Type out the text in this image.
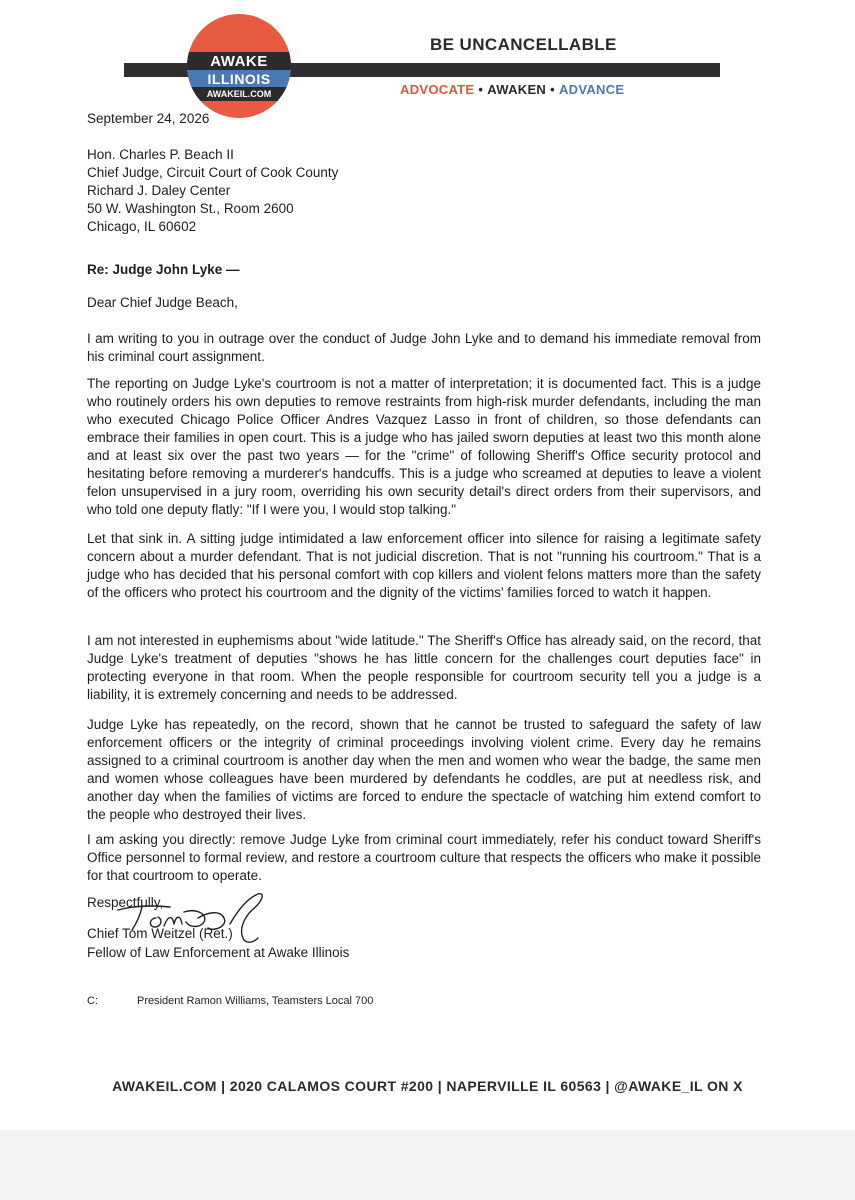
AWAKE
ILLINOIS
AWAKEIL.COM
BE UNCANCELLABLE
ADVOCATE • AWAKEN • ADVANCE
September 24, 2026
Hon. Charles P. Beach II
Chief Judge, Circuit Court of Cook County
Richard J. Daley Center
50 W. Washington St., Room 2600
Chicago, IL 60602
Re: Judge John Lyke —
Dear Chief Judge Beach,
I am writing to you in outrage over the conduct of Judge John Lyke and to demand his immediate removal from his criminal court assignment.
The reporting on Judge Lyke's courtroom is not a matter of interpretation; it is documented fact. This is a judge who routinely orders his own deputies to remove restraints from high-risk murder defendants, including the man who executed Chicago Police Officer Andres Vazquez Lasso in front of children, so those defendants can embrace their families in open court. This is a judge who has jailed sworn deputies at least two this month alone and at least six over the past two years — for the "crime" of following Sheriff's Office security protocol and hesitating before removing a murderer's handcuffs. This is a judge who screamed at deputies to leave a violent felon unsupervised in a jury room, overriding his own security detail's direct orders from their supervisors, and who told one deputy flatly: "If I were you, I would stop talking."
Let that sink in. A sitting judge intimidated a law enforcement officer into silence for raising a legitimate safety concern about a murder defendant. That is not judicial discretion. That is not "running his courtroom." That is a judge who has decided that his personal comfort with cop killers and violent felons matters more than the safety of the officers who protect his courtroom and the dignity of the victims' families forced to watch it happen.
I am not interested in euphemisms about "wide latitude." The Sheriff's Office has already said, on the record, that Judge Lyke's treatment of deputies "shows he has little concern for the challenges court deputies face" in protecting everyone in that room. When the people responsible for courtroom security tell you a judge is a liability, it is extremely concerning and needs to be addressed.
Judge Lyke has repeatedly, on the record, shown that he cannot be trusted to safeguard the safety of law enforcement officers or the integrity of criminal proceedings involving violent crime. Every day he remains assigned to a criminal courtroom is another day when the men and women who wear the badge, the same men and women whose colleagues have been murdered by defendants he coddles, are put at needless risk, and another day when the families of victims are forced to endure the spectacle of watching him extend comfort to the people who destroyed their lives.
I am asking you directly: remove Judge Lyke from criminal court immediately, refer his conduct toward Sheriff's Office personnel to formal review, and restore a courtroom culture that respects the officers who make it possible for that courtroom to operate.
Respectfully,
Chief Tom Weitzel (Ret.)
Fellow of Law Enforcement at Awake Illinois
C:	President Ramon Williams, Teamsters Local 700
AWAKEIL.COM | 2020 CALAMOS COURT #200 | NAPERVILLE IL 60563 | @AWAKE_IL ON X
